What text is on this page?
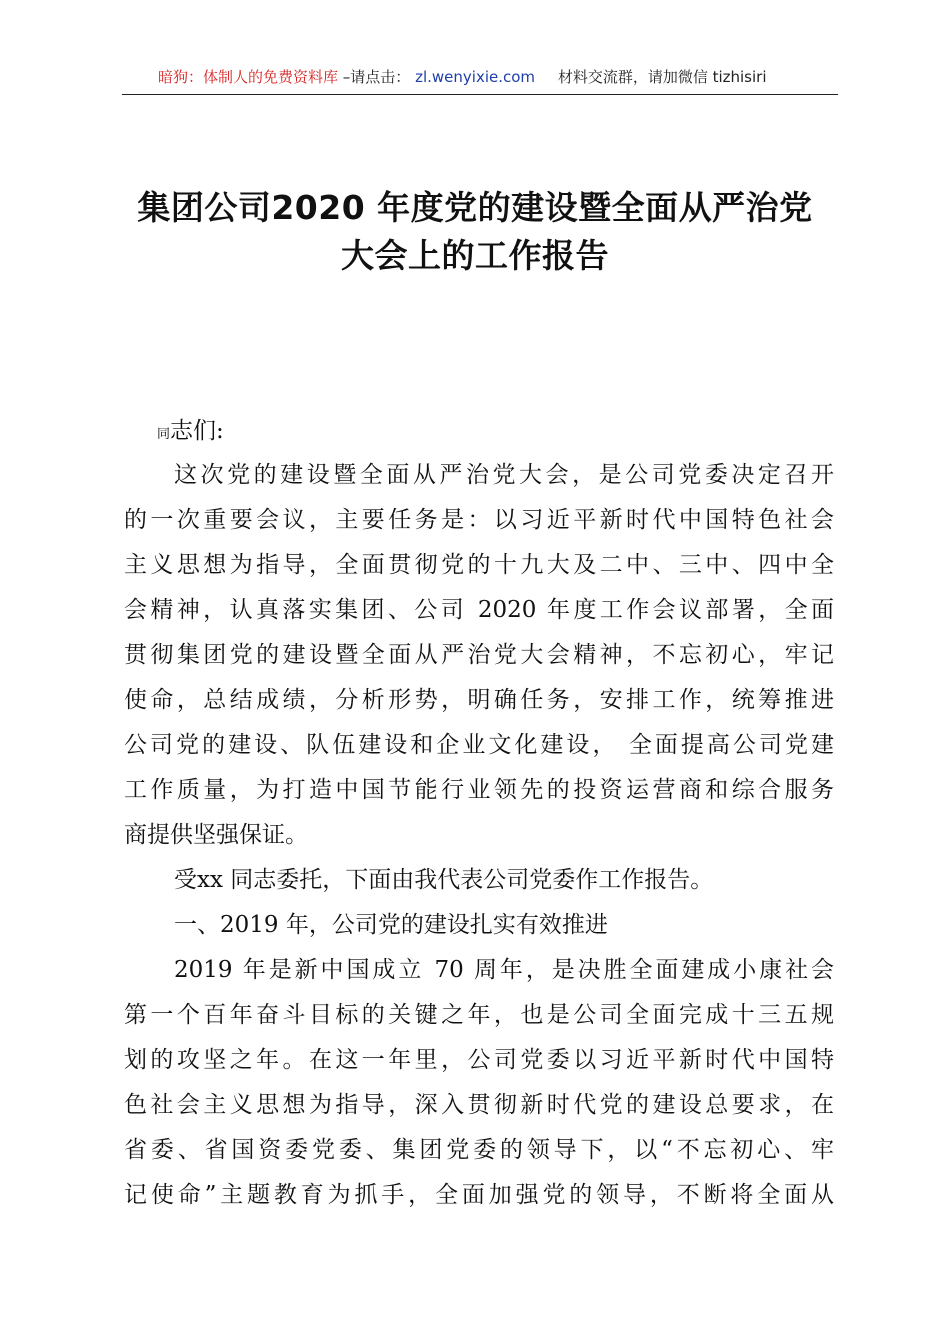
暗狗：体制人的免费资料库 –请点击： zl.wenyixie.com 材料交流群，请加微信 tizhisiri
集团公司2020 年度党的建设暨全面从严治党
大会上的工作报告
同志们:
这次党的建设暨全面从严治党大会，是公司党委决定召开
的一次重要会议，主要任务是：以习近平新时代中国特色社会
主义思想为指导，全面贯彻党的十九大及二中、三中、四中全
会精神，认真落实集团、公司 2020 年度工作会议部署，全面
贯彻集团党的建设暨全面从严治党大会精神，不忘初心，牢记
使命，总结成绩，分析形势，明确任务，安排工作，统筹推进
公司党的建设、队伍建设和企业文化建设， 全面提高公司党建
工作质量，为打造中国节能行业领先的投资运营商和综合服务
商提供坚强保证。
受xx 同志委托，下面由我代表公司党委作工作报告。
一、2019 年，公司党的建设扎实有效推进
2019 年是新中国成立 70 周年，是决胜全面建成小康社会
第一个百年奋斗目标的关键之年，也是公司全面完成十三五规
划的攻坚之年。在这一年里，公司党委以习近平新时代中国特
色社会主义思想为指导，深入贯彻新时代党的建设总要求，在
省委、省国资委党委、集团党委的领导下，以“不忘初心、牢
记使命”主题教育为抓手，全面加强党的领导，不断将全面从
